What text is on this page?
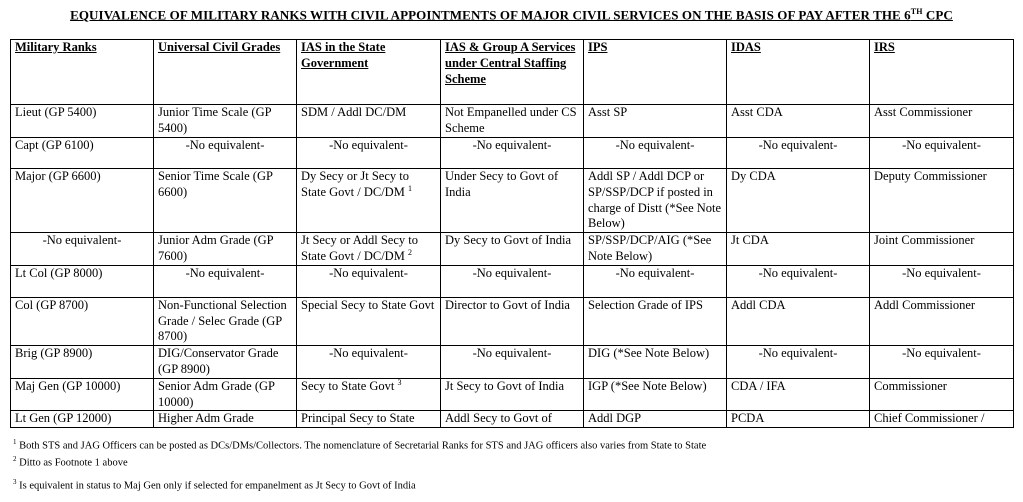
EQUIVALENCE OF MILITARY RANKS WITH CIVIL APPOINTMENTS OF MAJOR CIVIL SERVICES ON THE BASIS OF PAY AFTER THE 6TH CPC
Military Ranks	Universal Civil Grades	IAS in the State Government	IAS & Group A Services under Central Staffing Scheme	IPS	IDAS	IRS
Lieut (GP 5400)	Junior Time Scale (GP 5400)	SDM / Addl DC/DM	Not Empanelled under CS Scheme	Asst SP	Asst CDA	Asst Commissioner
Capt (GP 6100)	-No equivalent-	-No equivalent-	-No equivalent-	-No equivalent-	-No equivalent-	-No equivalent-
Major (GP 6600)	Senior Time Scale (GP 6600)	Dy Secy or Jt Secy to State Govt / DC/DM $^1$	Under Secy to Govt of India	Addl SP / Addl DCP or SP/SSP/DCP if posted in charge of Distt (*See Note Below)	Dy CDA	Deputy Commissioner
-No equivalent-	Junior Adm Grade (GP 7600)	Jt Secy or Addl Secy to State Govt / DC/DM $^2$	Dy Secy to Govt of India	SP/SSP/DCP/AIG (*See Note Below)	Jt CDA	Joint Commissioner
Lt Col (GP 8000)	-No equivalent-	-No equivalent-	-No equivalent-	-No equivalent-	-No equivalent-	-No equivalent-
Col (GP 8700)	Non-Functional Selection Grade / Selec Grade (GP 8700)	Special Secy to State Govt	Director to Govt of India	Selection Grade of IPS	Addl CDA	Addl Commissioner
Brig (GP 8900)	DIG/Conservator Grade (GP 8900)	-No equivalent-	-No equivalent-	DIG (*See Note Below)	-No equivalent-	-No equivalent-
Maj Gen (GP 10000)	Senior Adm Grade (GP 10000)	Secy to State Govt $^3$	Jt Secy to Govt of India	IGP (*See Note Below)	CDA / IFA	Commissioner
Lt Gen (GP 12000)	Higher Adm Grade	Principal Secy to State	Addl Secy to Govt of	Addl DGP	PCDA	Chief Commissioner /
$^1$ Both STS and JAG Officers can be posted as DCs/DMs/Collectors. The nomenclature of Secretarial Ranks for STS and JAG officers also varies from State to State
$^2$ Ditto as Footnote 1 above
$^3$ Is equivalent in status to Maj Gen only if selected for empanelment as Jt Secy to Govt of India
